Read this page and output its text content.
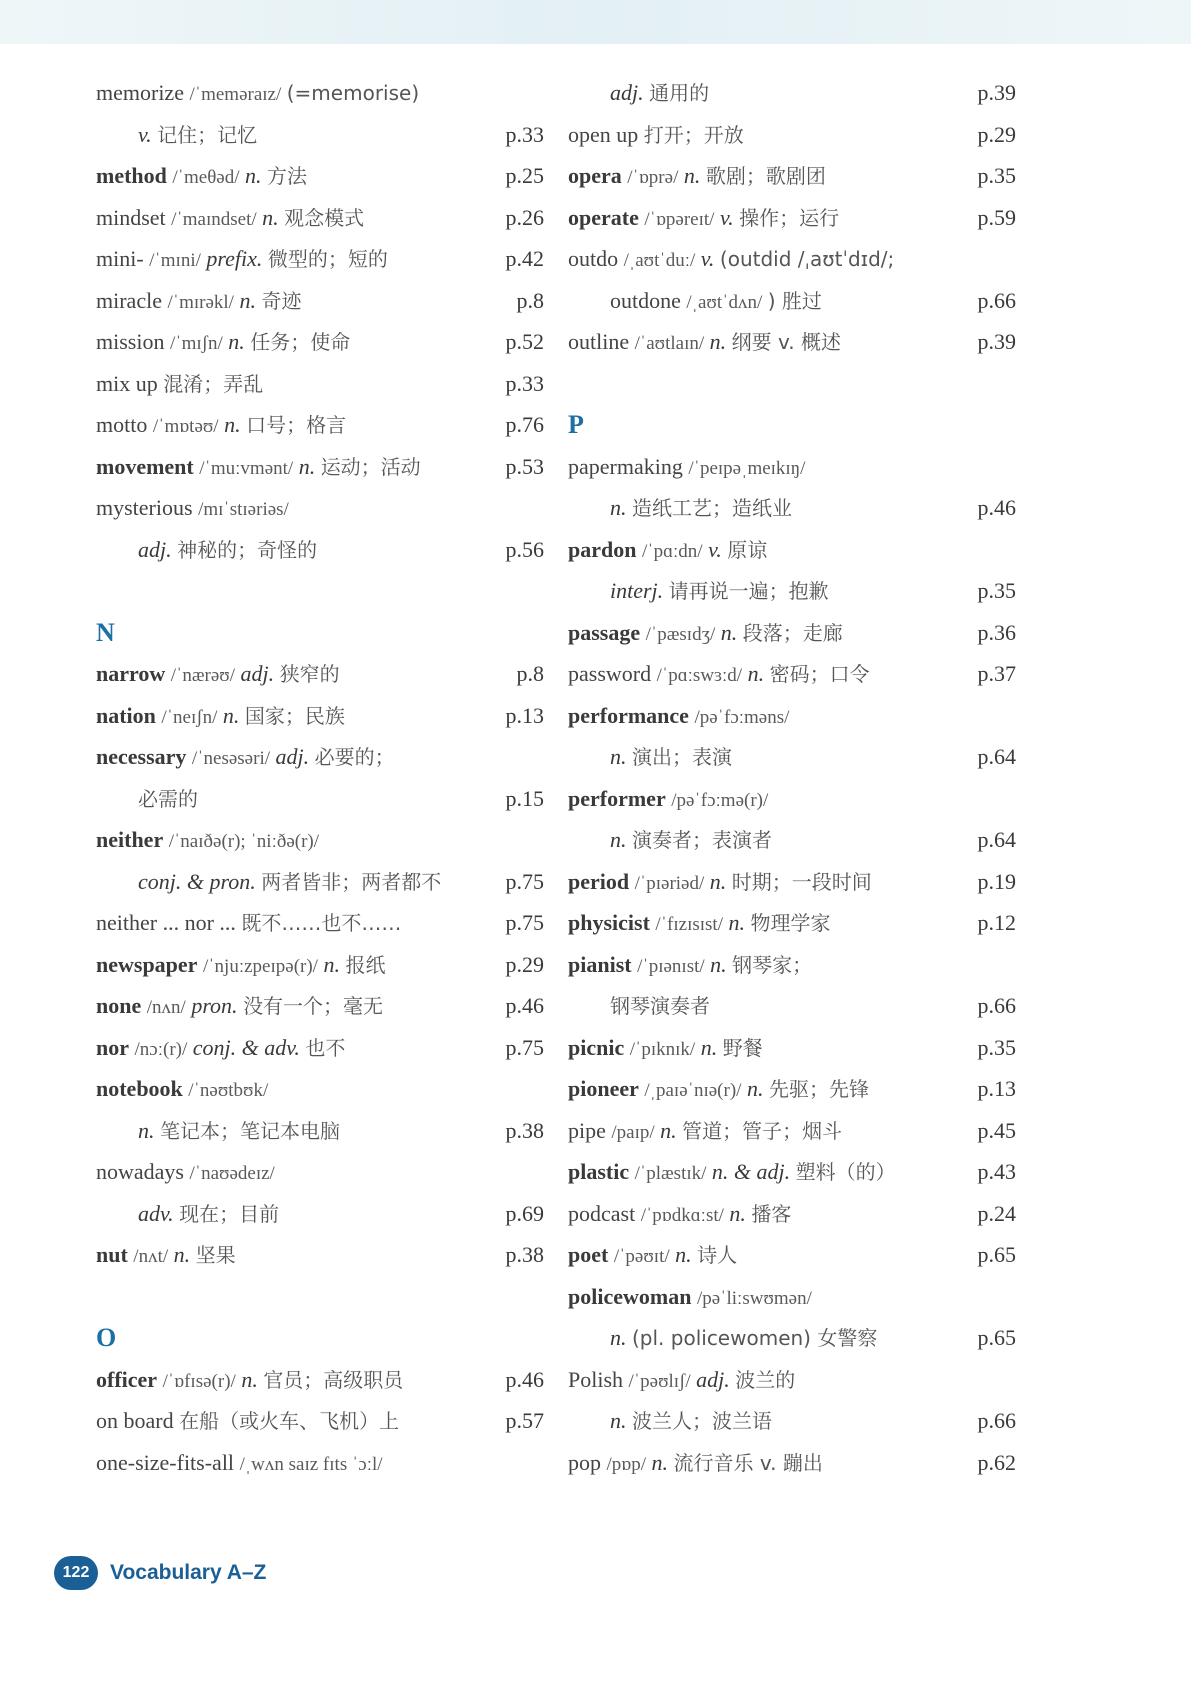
memorize /ˈmeməraɪz/ (=memorise)
v. 记住；记忆	p.33
method /ˈmeθəd/ n. 方法	p.25
mindset /ˈmaɪndset/ n. 观念模式	p.26
mini- /ˈmɪni/ prefix. 微型的；短的	p.42
miracle /ˈmɪrəkl/ n. 奇迹	p.8
mission /ˈmɪʃn/ n. 任务；使命	p.52
mix up 混淆；弄乱	p.33
motto /ˈmɒtəʊ/ n. 口号；格言	p.76
movement /ˈmuːvmənt/ n. 运动；活动	p.53
mysterious /mɪˈstɪəriəs/
adj. 神秘的；奇怪的	p.56
N
narrow /ˈnærəʊ/ adj. 狭窄的	p.8
nation /ˈneɪʃn/ n. 国家；民族	p.13
necessary /ˈnesəsəri/ adj. 必要的；
必需的	p.15
neither /ˈnaɪðə(r); ˈniːðə(r)/
conj. & pron. 两者皆非；两者都不	p.75
neither ... nor ... 既不……也不……	p.75
newspaper /ˈnjuːzpeɪpə(r)/ n. 报纸	p.29
none /nʌn/ pron. 没有一个；毫无	p.46
nor /nɔː(r)/ conj. & adv. 也不	p.75
notebook /ˈnəʊtbʊk/
n. 笔记本；笔记本电脑	p.38
nowadays /ˈnaʊədeɪz/
adv. 现在；目前	p.69
nut /nʌt/ n. 坚果	p.38
O
officer /ˈɒfɪsə(r)/ n. 官员；高级职员	p.46
on board 在船（或火车、飞机）上	p.57
one-size-fits-all /ˌwʌn saɪz fɪts ˈɔːl/
adj. 通用的	p.39
open up 打开；开放	p.29
opera /ˈɒprə/ n. 歌剧；歌剧团	p.35
operate /ˈɒpəreɪt/ v. 操作；运行	p.59
outdo /ˌaʊtˈduː/ v. (outdid /ˌaʊtˈdɪd/;
outdone /ˌaʊtˈdʌn/ ) 胜过	p.66
outline /ˈaʊtlaɪn/ n. 纲要 v. 概述	p.39
P
papermaking /ˈpeɪpəˌmeɪkɪŋ/
n. 造纸工艺；造纸业	p.46
pardon /ˈpɑːdn/ v. 原谅
interj. 请再说一遍；抱歉	p.35
passage /ˈpæsɪdʒ/ n. 段落；走廊	p.36
password /ˈpɑːswɜːd/ n. 密码；口令	p.37
performance /pəˈfɔːməns/
n. 演出；表演	p.64
performer /pəˈfɔːmə(r)/
n. 演奏者；表演者	p.64
period /ˈpɪəriəd/ n. 时期；一段时间	p.19
physicist /ˈfɪzɪsɪst/ n. 物理学家	p.12
pianist /ˈpɪənɪst/ n. 钢琴家；
钢琴演奏者	p.66
picnic /ˈpɪknɪk/ n. 野餐	p.35
pioneer /ˌpaɪəˈnɪə(r)/ n. 先驱；先锋	p.13
pipe /paɪp/ n. 管道；管子；烟斗	p.45
plastic /ˈplæstɪk/ n. & adj. 塑料（的）	p.43
podcast /ˈpɒdkɑːst/ n. 播客	p.24
poet /ˈpəʊɪt/ n. 诗人	p.65
policewoman /pəˈliːswʊmən/
n. (pl. policewomen) 女警察	p.65
Polish /ˈpəʊlɪʃ/ adj. 波兰的
n. 波兰人；波兰语	p.66
pop /pɒp/ n. 流行音乐 v. 蹦出	p.62
122 Vocabulary A–Z
